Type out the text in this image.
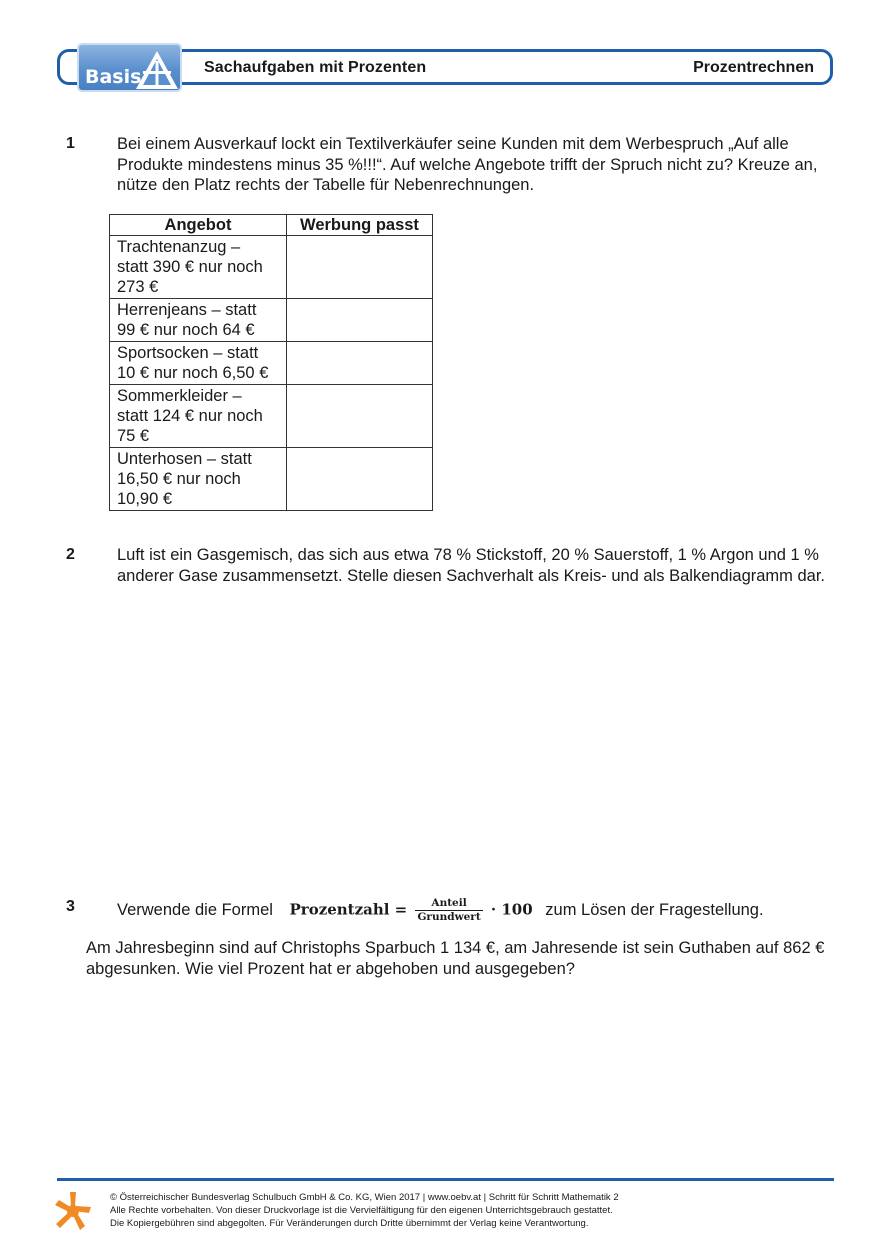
Basis	Sachaufgaben mit Prozenten	Prozentrechnen
1	Bei einem Ausverkauf lockt ein Textilverkäufer seine Kunden mit dem Werbespruch „Auf alle Produkte mindestens minus 35 %!!!“. Auf welche Angebote trifft der Spruch nicht zu? Kreuze an, nütze den Platz rechts der Tabelle für Nebenrechnungen.
Angebot	Werbung passt

Trachtenanzug –
statt 390 € nur noch
273 €	

Herrenjeans – statt
99 € nur noch 64 €	

Sportsocken – statt
10 € nur noch 6,50 €	

Sommerkleider –
statt 124 € nur noch
75 €	

Unterhosen – statt
16,50 € nur noch
10,90 €	

2	Luft ist ein Gasgemisch, das sich aus etwa 78 % Stickstoff, 20 % Sauerstoff, 1 % Argon und 1 % anderer Gase zusammensetzt. Stelle diesen Sachverhalt als Kreis- und als Balkendiagramm dar.
3	Verwende die Formel Prozentzahl = $\frac{\text{Anteil}}{\text{Grundwert}} \cdot 100$ zum Lösen der Fragestellung.
Am Jahresbeginn sind auf Christophs Sparbuch 1 134 €, am Jahresende ist sein Guthaben auf 862 € abgesunken. Wie viel Prozent hat er abgehoben und ausgegeben?
© Österreichischer Bundesverlag Schulbuch GmbH & Co. KG, Wien 2017 | www.oebv.at | Schritt für Schritt Mathematik 2
Alle Rechte vorbehalten. Von dieser Druckvorlage ist die Vervielfältigung für den eigenen Unterrichtsgebrauch gestattet.
Die Kopiergebühren sind abgegolten. Für Veränderungen durch Dritte übernimmt der Verlag keine Verantwortung.
